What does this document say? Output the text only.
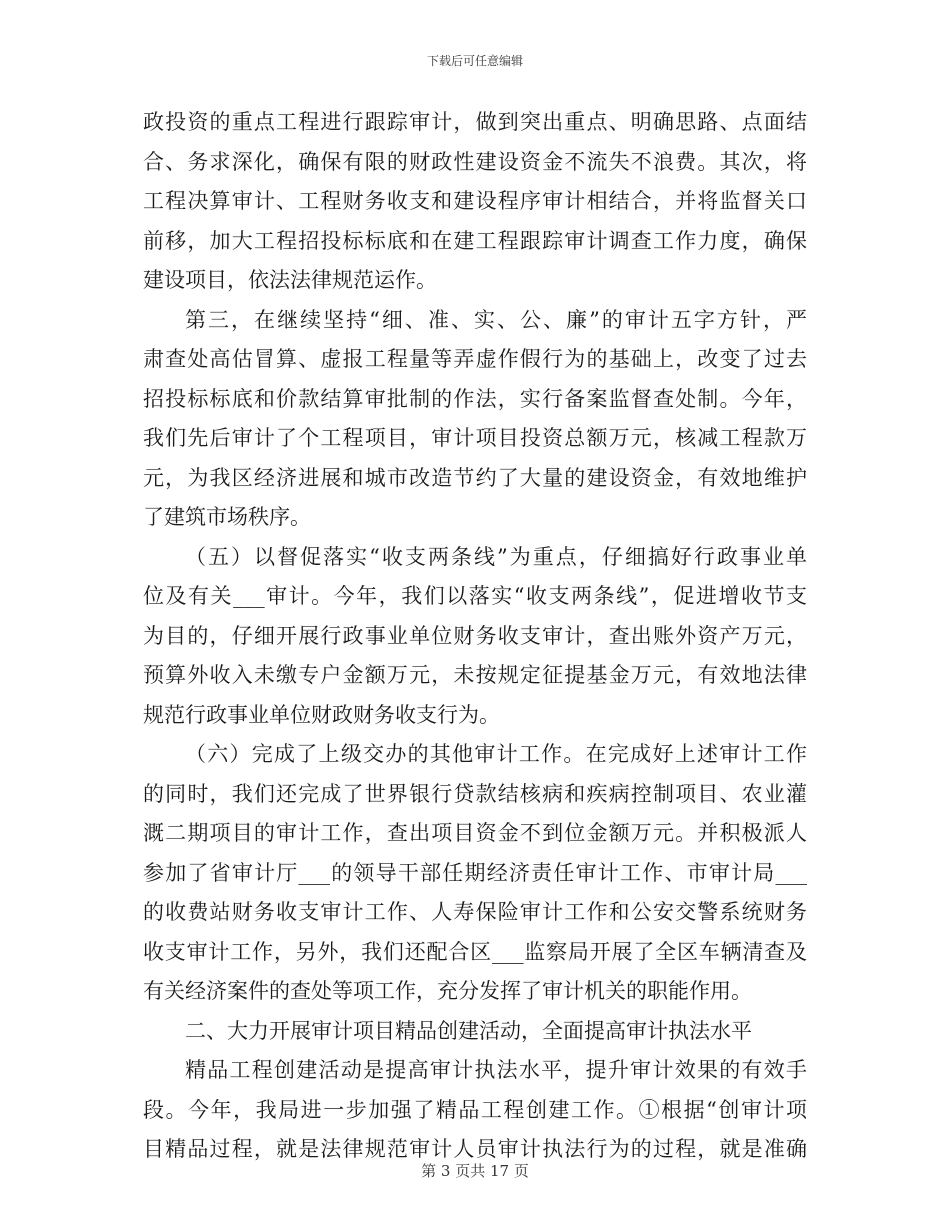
下载后可任意编辑
政投资的重点工程进行跟踪审计，做到突出重点、明确思路、点面结
合、务求深化，确保有限的财政性建设资金不流失不浪费。其次，将
工程决算审计、工程财务收支和建设程序审计相结合，并将监督关口
前移，加大工程招投标标底和在建工程跟踪审计调查工作力度，确保
建设项目，依法法律规范运作。
第三，在继续坚持“细、准、实、公、廉”的审计五字方针，严
肃查处高估冒算、虚报工程量等弄虚作假行为的基础上，改变了过去
招投标标底和价款结算审批制的作法，实行备案监督查处制。今年，
我们先后审计了个工程项目，审计项目投资总额万元，核减工程款万
元，为我区经济进展和城市改造节约了大量的建设资金，有效地维护
了建筑市场秩序。
（五）以督促落实“收支两条线”为重点，仔细搞好行政事业单
位及有关___审计。今年，我们以落实“收支两条线”，促进增收节支
为目的，仔细开展行政事业单位财务收支审计，查出账外资产万元，
预算外收入未缴专户金额万元，未按规定征提基金万元，有效地法律
规范行政事业单位财政财务收支行为。
（六）完成了上级交办的其他审计工作。在完成好上述审计工作
的同时，我们还完成了世界银行贷款结核病和疾病控制项目、农业灌
溉二期项目的审计工作，查出项目资金不到位金额万元。并积极派人
参加了省审计厅___的领导干部任期经济责任审计工作、市审计局___
的收费站财务收支审计工作、人寿保险审计工作和公安交警系统财务
收支审计工作，另外，我们还配合区___监察局开展了全区车辆清查及
有关经济案件的查处等项工作，充分发挥了审计机关的职能作用。
二、大力开展审计项目精品创建活动，全面提高审计执法水平
精品工程创建活动是提高审计执法水平，提升审计效果的有效手
段。今年，我局进一步加强了精品工程创建工作。①根据“创审计项
目精品过程，就是法律规范审计人员审计执法行为的过程，就是准确
第 3 页共 17 页
